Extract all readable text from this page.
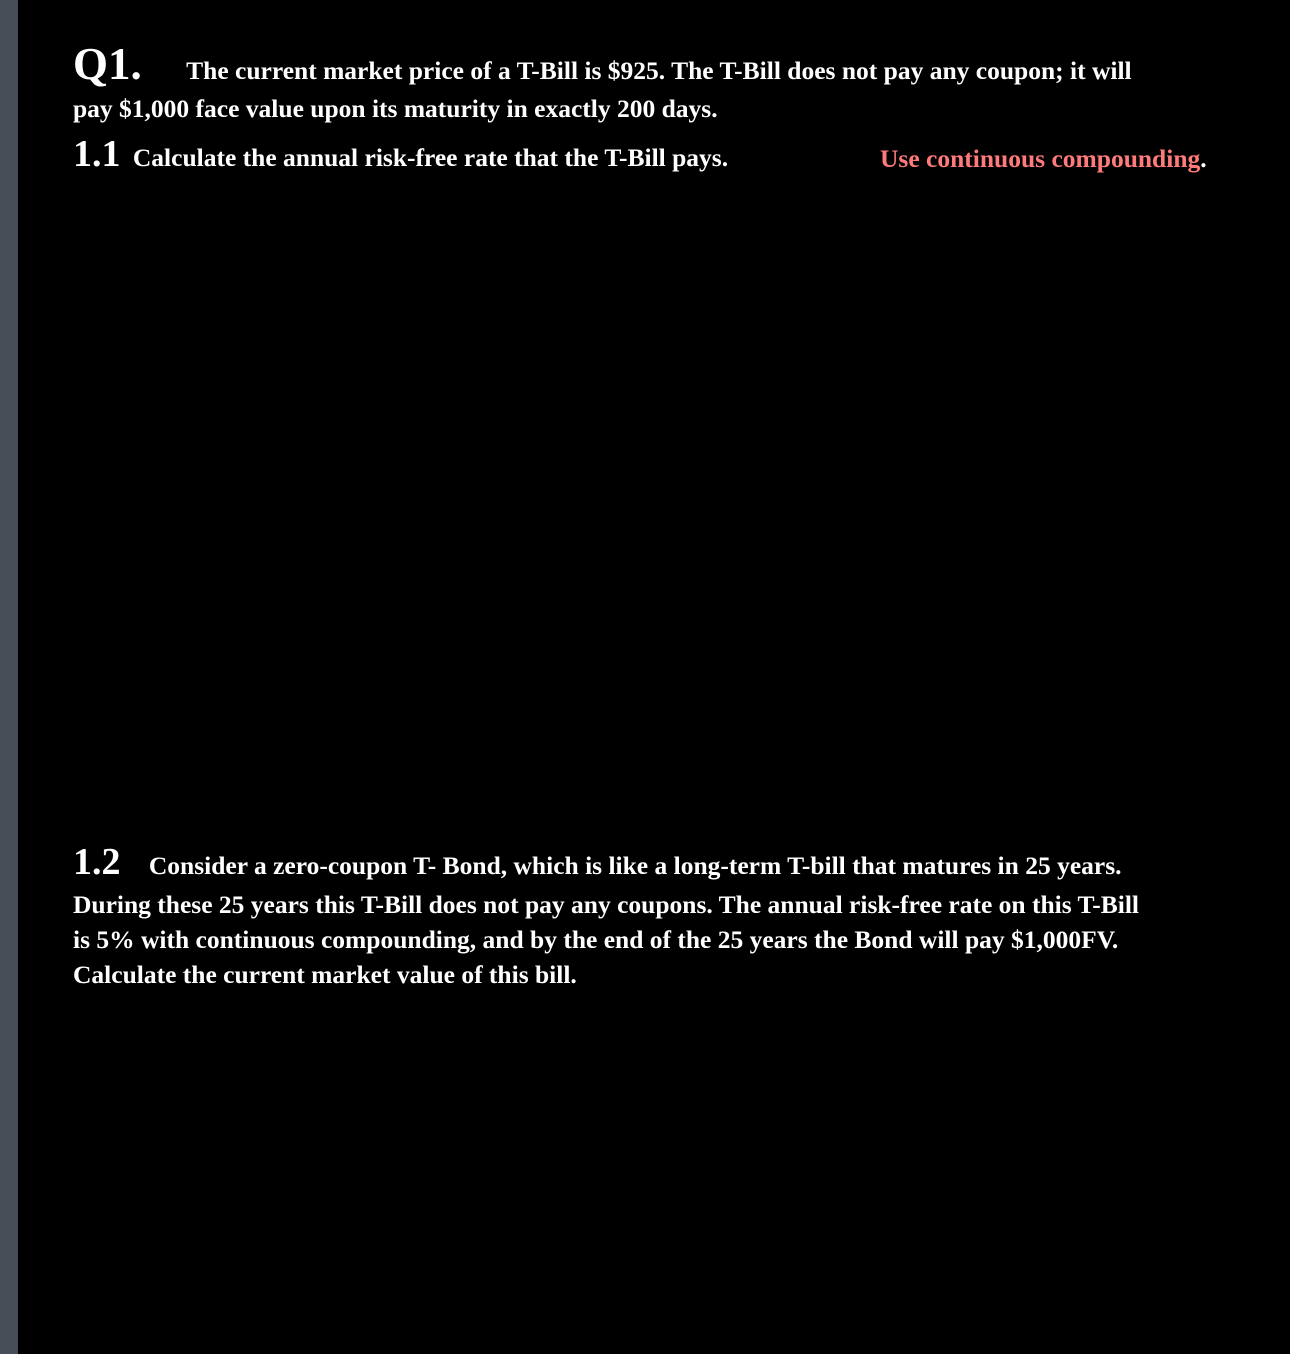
Q1. The current market price of a T-Bill is $925. The T-Bill does not pay any coupon; it will
pay $1,000 face value upon its maturity in exactly 200 days.
1.1 Calculate the annual risk-free rate that the T-Bill pays.	Use continuous compounding.
1.2 Consider a zero-coupon T- Bond, which is like a long-term T-bill that matures in 25 years.
During these 25 years this T-Bill does not pay any coupons. The annual risk-free rate on this T-Bill
is 5% with continuous compounding, and by the end of the 25 years the Bond will pay $1,000FV.
Calculate the current market value of this bill.
